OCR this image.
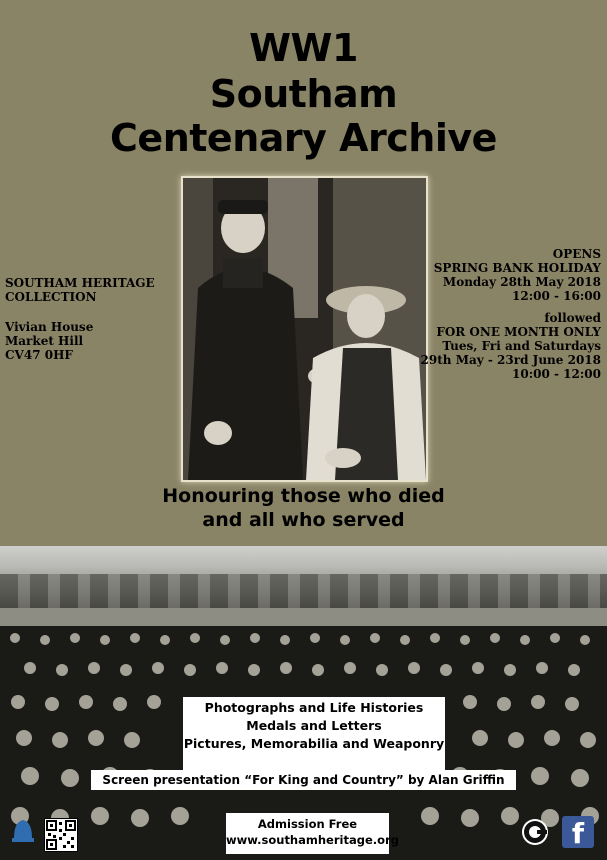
WW1
Southam
Centenary Archive
SOUTHAM HERITAGE
COLLECTION
Vivian House
Market Hill
CV47 0HF
OPENS
SPRING BANK HOLIDAY
Monday 28th May 2018
12:00 - 16:00
followed
FOR ONE MONTH ONLY
Tues, Fri and Saturdays
29th May - 23rd June 2018
10:00 - 12:00
Honouring those who died
and all who served
Photographs and Life Histories
Medals and Letters
Pictures, Memorabilia and Weaponry
Screen presentation “For King and Country” by Alan Griffin
Admission Free
www.southamheritage.org	f
